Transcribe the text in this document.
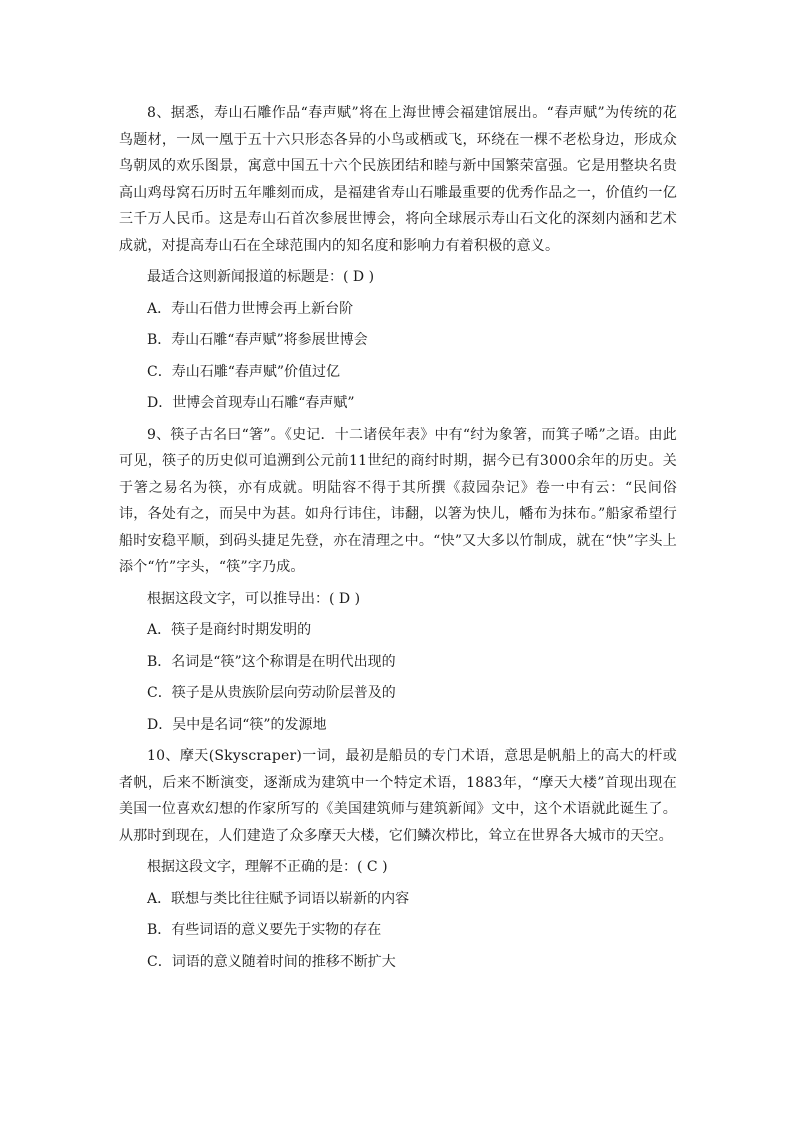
8、据悉，寿山石雕作品“春声赋”将在上海世博会福建馆展出。“春声赋”为传统的花鸟题材，一凤一凰于五十六只形态各异的小鸟或栖或飞，环绕在一棵不老松身边，形成众鸟朝凤的欢乐图景，寓意中国五十六个民族团结和睦与新中国繁荣富强。它是用整块名贵高山鸡母窝石历时五年雕刻而成，是福建省寿山石雕最重要的优秀作品之一，价值约一亿三千万人民币。这是寿山石首次参展世博会，将向全球展示寿山石文化的深刻内涵和艺术成就，对提高寿山石在全球范围内的知名度和影响力有着积极的意义。

最适合这则新闻报道的标题是：( D )

A．寿山石借力世博会再上新台阶

B．寿山石雕“春声赋”将参展世博会

C．寿山石雕“春声赋”价值过亿

D．世博会首现寿山石雕“春声赋”

9、筷子古名曰“箸”。《史记．十二诸侯年表》中有“纣为象箸，而箕子唏”之语。由此可见，筷子的历史似可追溯到公元前11世纪的商纣时期，据今已有3000余年的历史。关于箸之易名为筷，亦有成就。明陆容不得于其所撰《菽园杂记》卷一中有云：“民间俗讳，各处有之，而吴中为甚。如舟行讳住，讳翻，以箸为快儿，幡布为抹布。”船家希望行船时安稳平顺，到码头捷足先登，亦在清理之中。“快”又大多以竹制成，就在“快”字头上添个“竹”字头，“筷”字乃成。

根据这段文字，可以推导出：( D )

A．筷子是商纣时期发明的

B．名词是“筷”这个称谓是在明代出现的

C．筷子是从贵族阶层向劳动阶层普及的

D．吴中是名词“筷”的发源地

10、摩天(Skyscraper)一词，最初是船员的专门术语，意思是帆船上的高大的杆或者帆，后来不断演变，逐渐成为建筑中一个特定术语，1883年，“摩天大楼”首现出现在美国一位喜欢幻想的作家所写的《美国建筑师与建筑新闻》文中，这个术语就此诞生了。从那时到现在，人们建造了众多摩天大楼，它们鳞次栉比，耸立在世界各大城市的天空。

根据这段文字，理解不正确的是：( C )

A．联想与类比往往赋予词语以崭新的内容

B．有些词语的意义要先于实物的存在

C．词语的意义随着时间的推移不断扩大
